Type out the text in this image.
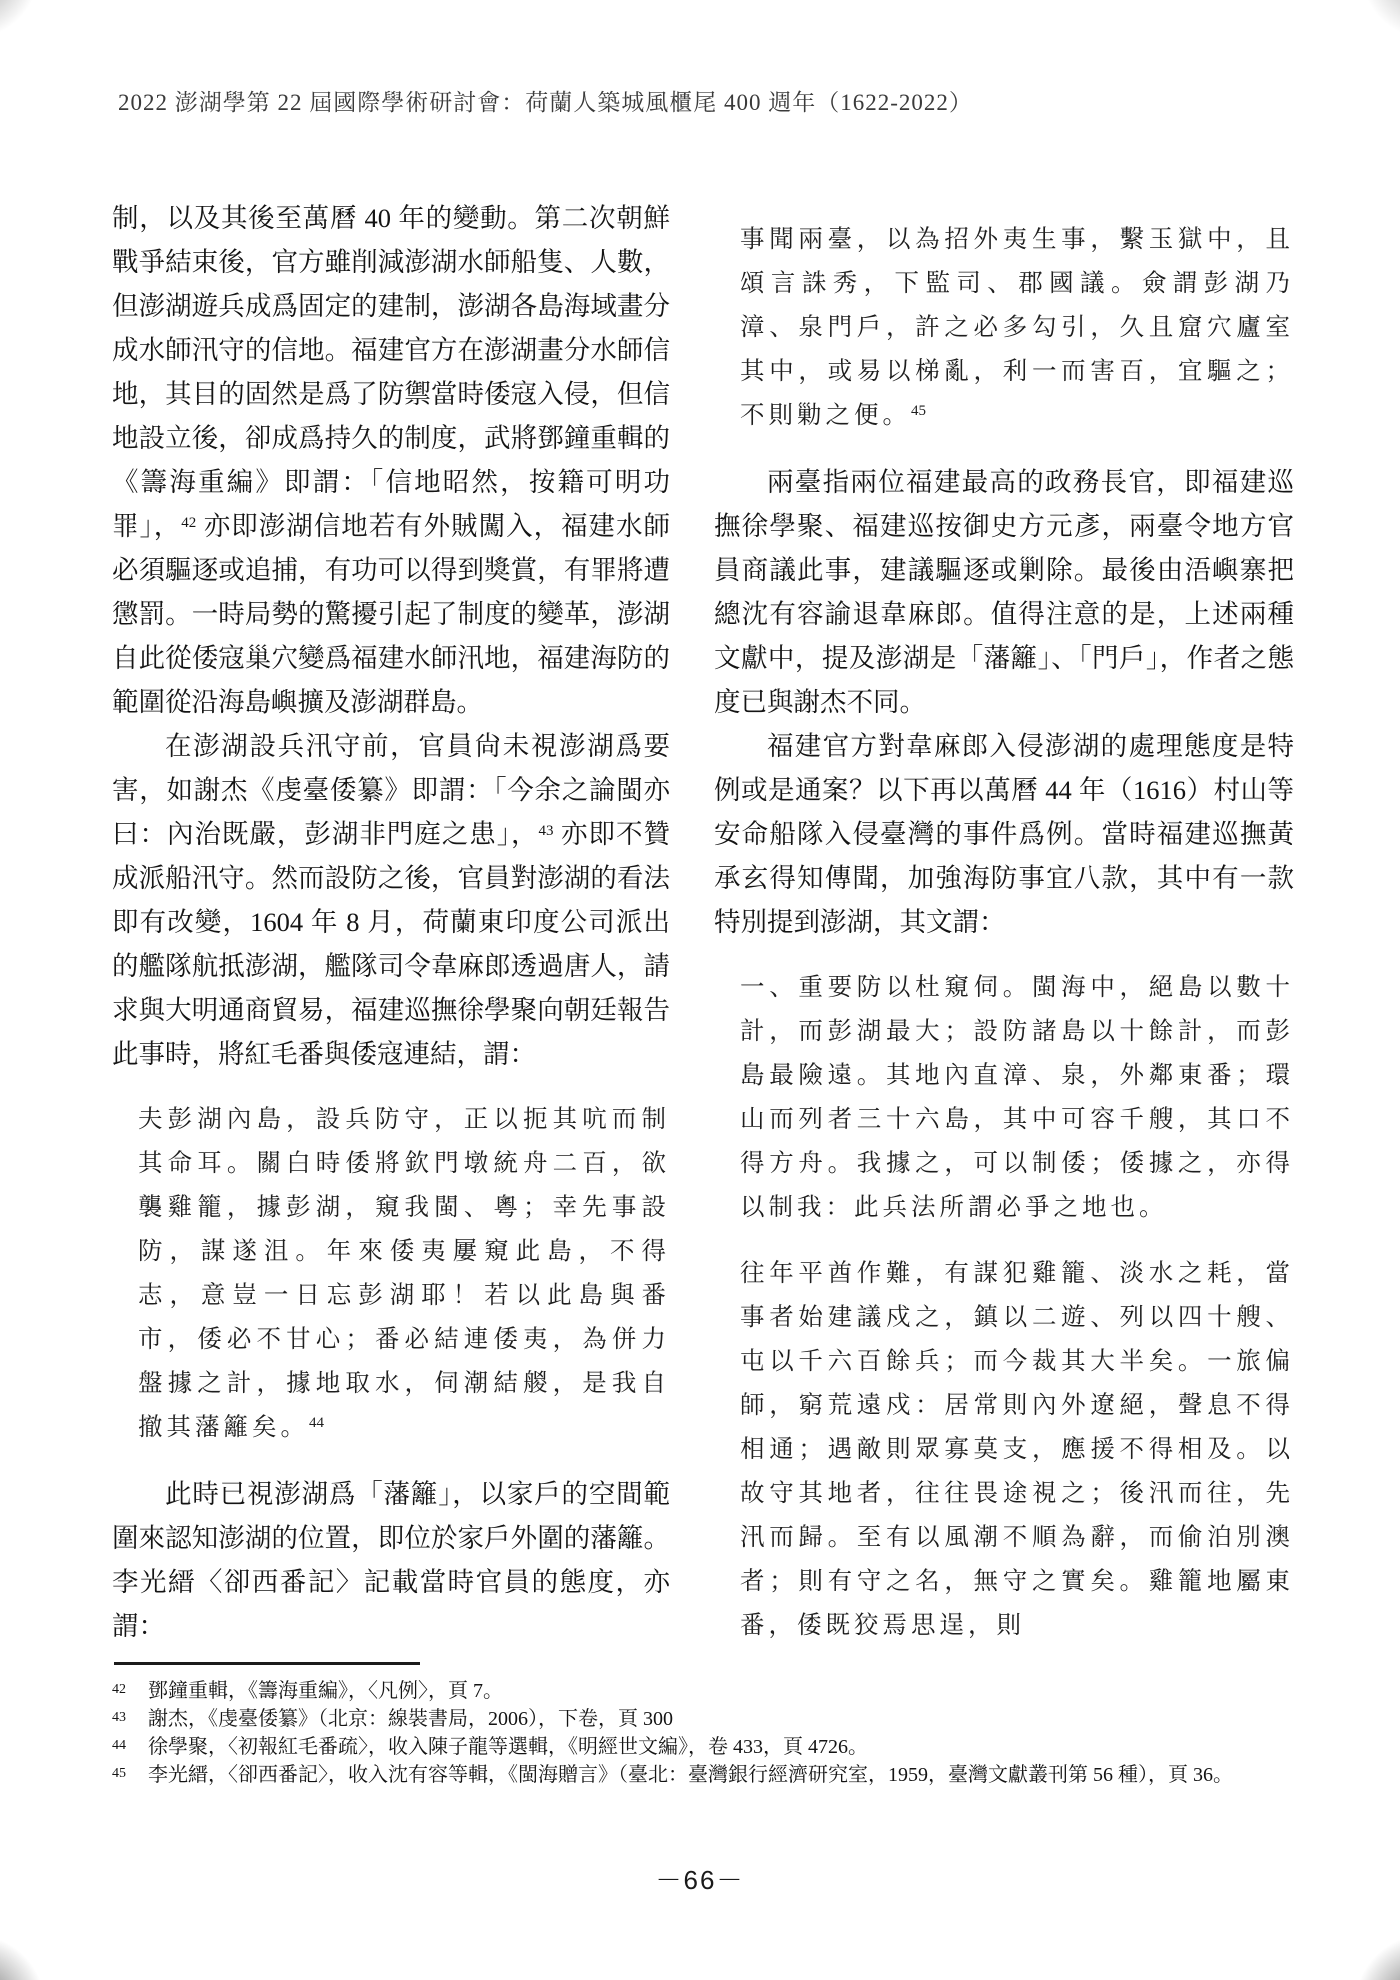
2022 澎湖學第 22 屆國際學術研討會：荷蘭人築城風櫃尾 400 週年（1622-2022）

制，以及其後至萬曆 40 年的變動。第二次朝鮮戰爭結束後，官方雖削減澎湖水師船隻、人數，但澎湖遊兵成爲固定的建制，澎湖各島海域畫分成水師汛守的信地。福建官方在澎湖畫分水師信地，其目的固然是爲了防禦當時倭寇入侵，但信地設立後，卻成爲持久的制度，武將鄧鐘重輯的《籌海重編》即謂：「信地昭然，按籍可明功罪」，$^{42}$ 亦即澎湖信地若有外賊闖入，福建水師必須驅逐或追捕，有功可以得到獎賞，有罪將遭懲罰。一時局勢的驚擾引起了制度的變革，澎湖自此從倭寇巢穴變爲福建水師汛地，福建海防的範圍從沿海島嶼擴及澎湖群島。

在澎湖設兵汛守前，官員尙未視澎湖爲要害，如謝杰《虔臺倭纂》即謂：「今余之論閩亦曰：內治既嚴，彭湖非門庭之患」，$^{43}$ 亦即不贊成派船汛守。然而設防之後，官員對澎湖的看法即有改變，1604 年 8 月，荷蘭東印度公司派出的艦隊航抵澎湖，艦隊司令韋麻郎透過唐人，請求與大明通商貿易，福建巡撫徐學聚向朝廷報告此事時，將紅毛番與倭寇連結，謂：

夫彭湖內島，設兵防守，正以扼其吭而制其命耳。關白時倭將欽門墩統舟二百，欲襲雞籠，據彭湖，窺我閩、粵；幸先事設防，謀遂沮。年來倭夷屢窺此島，不得志，意豈一日忘彭湖耶！若以此島與番市，倭必不甘心；番必結連倭夷，為併力盤據之計，據地取水，伺潮結艐，是我自撤其藩籬矣。$^{44}$

此時已視澎湖爲「藩籬」，以家戶的空間範圍來認知澎湖的位置，即位於家戶外圍的藩籬。李光縉〈卻西番記〉記載當時官員的態度，亦謂：

事聞兩臺，以為招外夷生事，繫玉獄中，且頌言誅秀，下監司、郡國議。僉謂彭湖乃漳、泉門戶，許之必多勾引，久且窟穴廬室其中，或易以梯亂，利一而害百，宜驅之；不則勦之便。$^{45}$

兩臺指兩位福建最高的政務長官，即福建巡撫徐學聚、福建巡按御史方元彥，兩臺令地方官員商議此事，建議驅逐或剿除。最後由浯嶼寨把總沈有容諭退韋麻郎。值得注意的是，上述兩種文獻中，提及澎湖是「藩籬」、「門戶」，作者之態度已與謝杰不同。

福建官方對韋麻郎入侵澎湖的處理態度是特例或是通案？以下再以萬曆 44 年（1616）村山等安命船隊入侵臺灣的事件爲例。當時福建巡撫黃承玄得知傳聞，加強海防事宜八款，其中有一款特別提到澎湖，其文謂：

一、重要防以杜窺伺。閩海中，絕島以數十計，而彭湖最大；設防諸島以十餘計，而彭島最險遠。其地內直漳、泉，外鄰東番；環山而列者三十六島，其中可容千艘，其口不得方舟。我據之，可以制倭；倭據之，亦得以制我：此兵法所謂必爭之地也。

往年平酋作難，有謀犯雞籠、淡水之耗，當事者始建議戍之，鎮以二遊、列以四十艘、屯以千六百餘兵；而今裁其大半矣。一旅偏師，窮荒遠戍：居常則內外遼絕，聲息不得相通；遇敵則眾寡莫支，應援不得相及。以故守其地者，往往畏途視之；後汛而往，先汛而歸。至有以風潮不順為辭，而偷泊別澳者；則有守之名，無守之實矣。雞籠地屬東番，倭既狡焉思逞，則

42	鄧鐘重輯，《籌海重編》，〈凡例〉，頁 7。
43	謝杰，《虔臺倭纂》（北京：線裝書局，2006），下卷，頁 300
44	徐學聚，〈初報紅毛番疏〉，收入陳子龍等選輯，《明經世文編》，卷 433，頁 4726。
45	李光縉，〈卻西番記〉，收入沈有容等輯，《閩海贈言》（臺北：臺灣銀行經濟研究室，1959，臺灣文獻叢刊第 56 種），頁 36。
－66－
